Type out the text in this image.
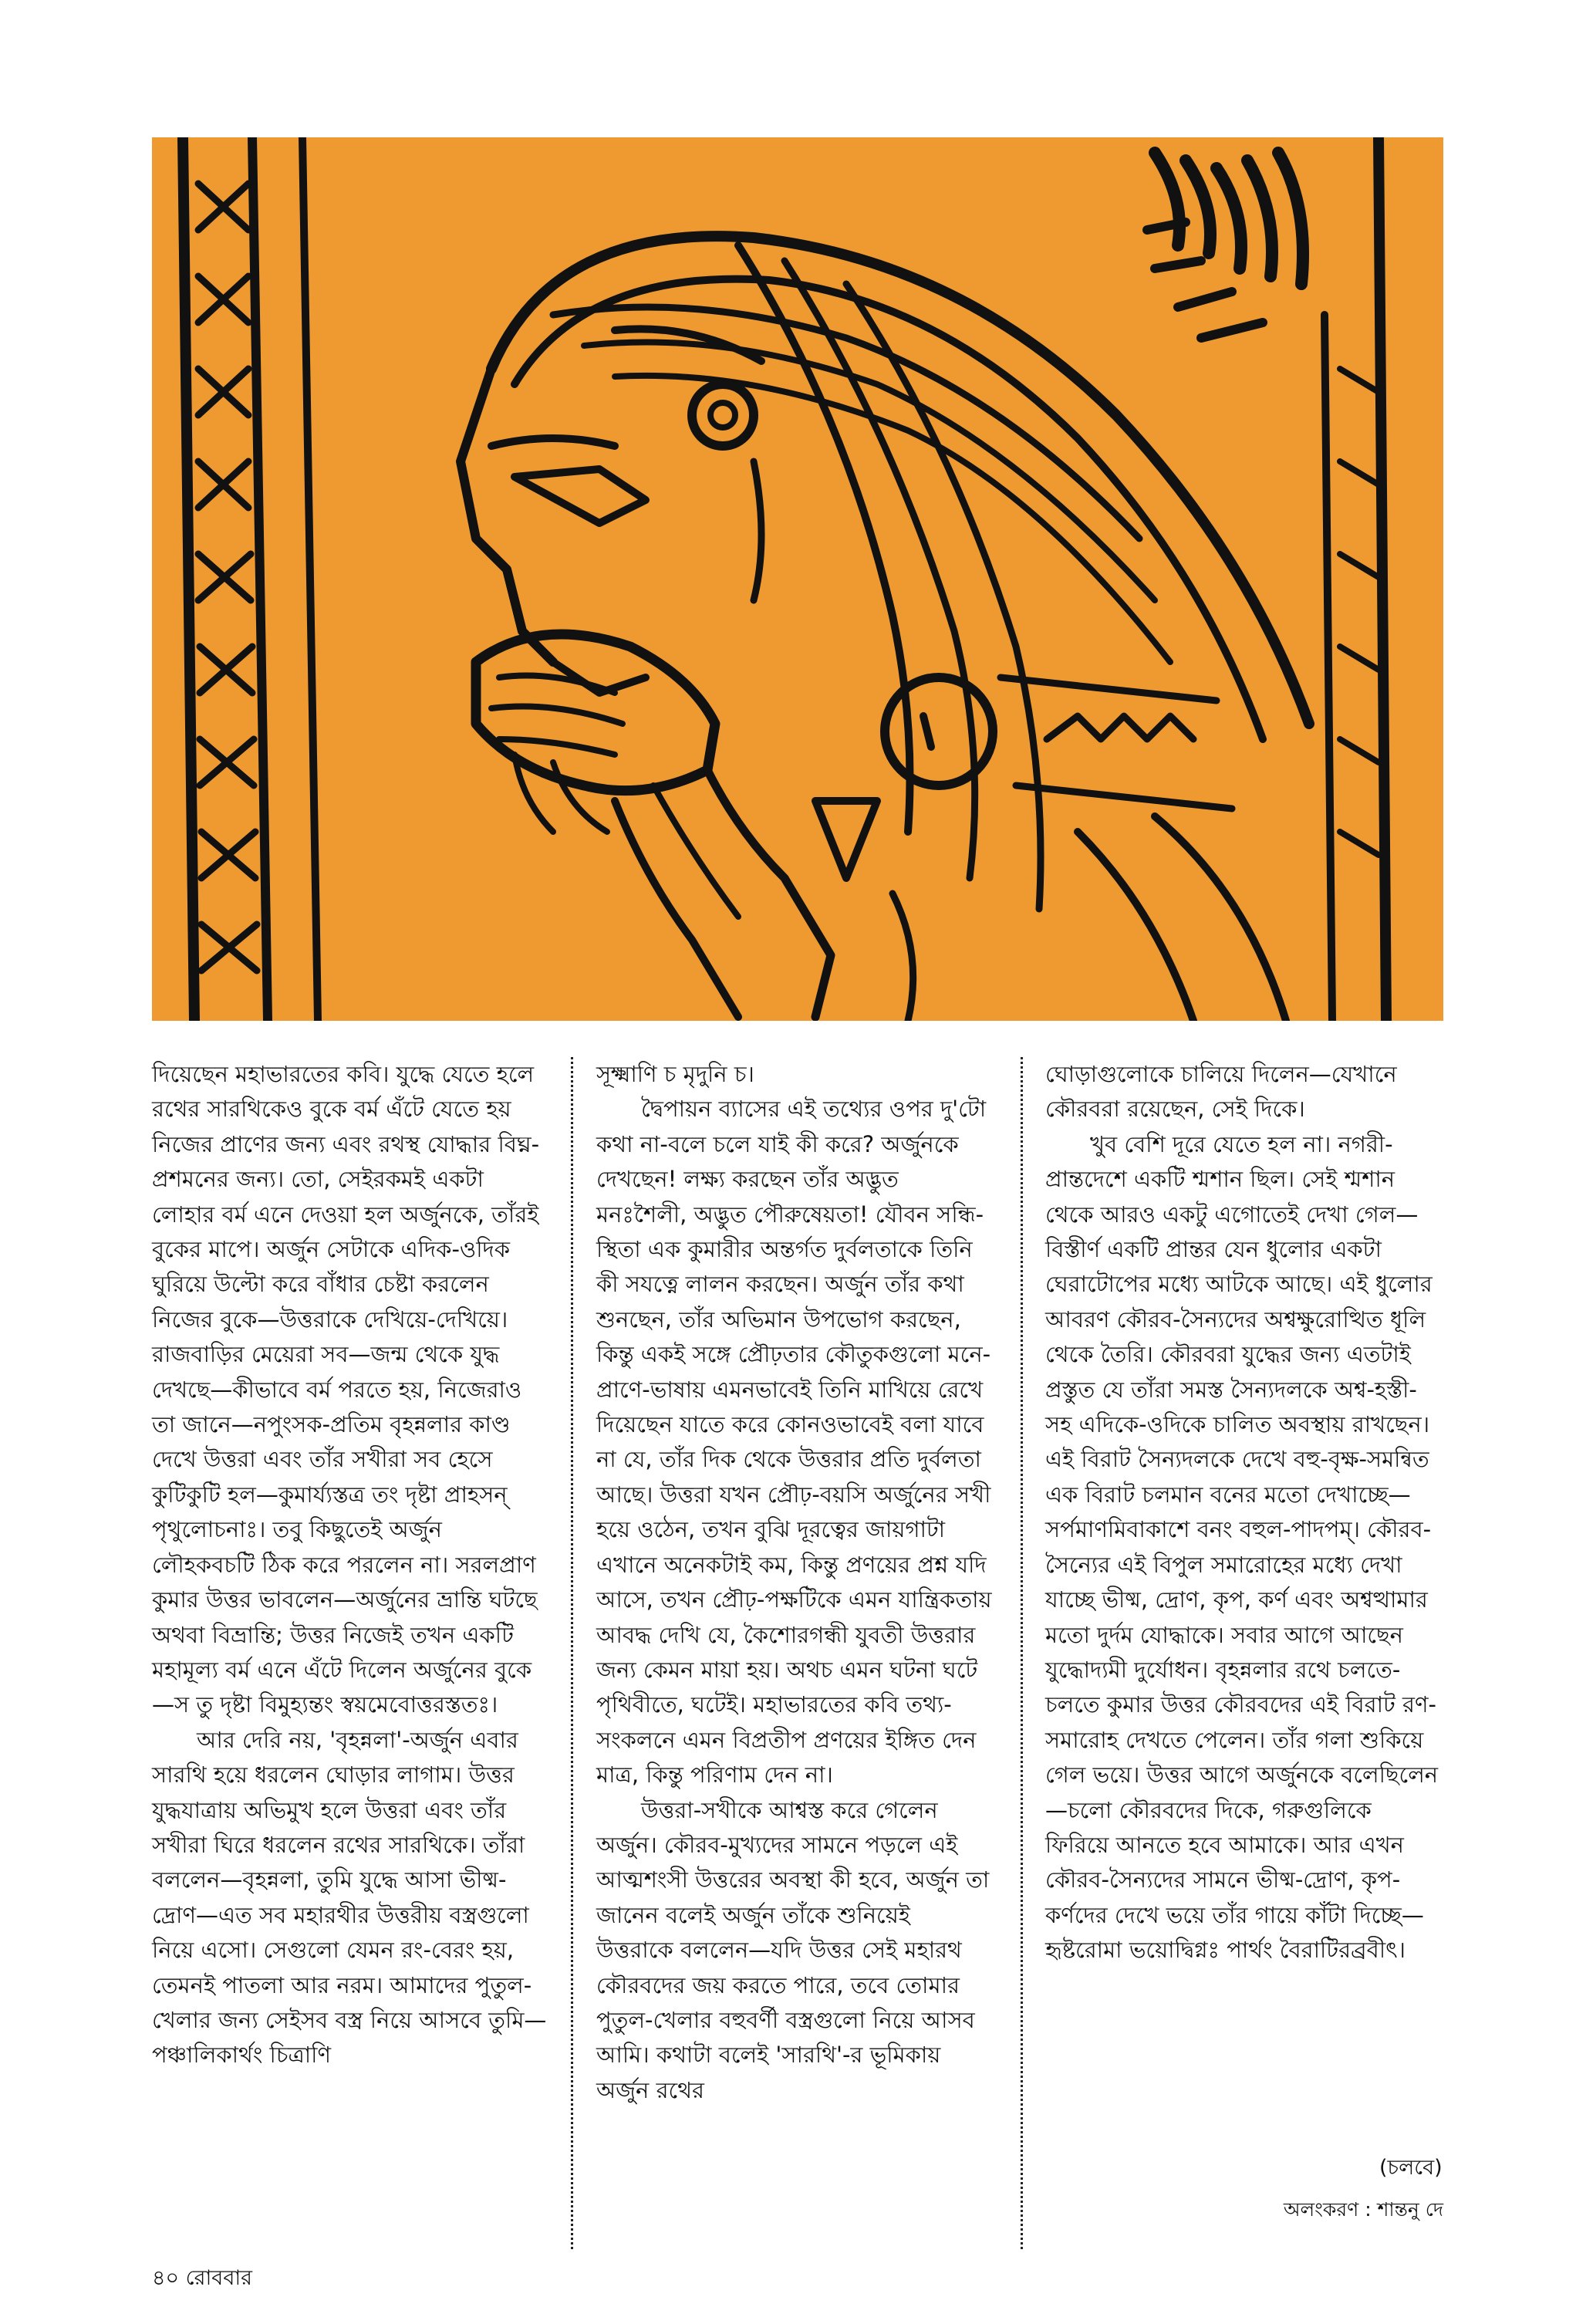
দিয়েছেন মহাভারতের কবি। যুদ্ধে যেতে হলে রথের সারথিকেও বুকে বর্ম এঁটে যেতে হয় নিজের প্রাণের জন্য এবং রথস্থ যোদ্ধার বিঘ্ন-প্রশমনের জন্য। তো, সেইরকমই একটা লোহার বর্ম এনে দেওয়া হল অর্জুনকে, তাঁরই বুকের মাপে। অর্জুন সেটাকে এদিক-ওদিক ঘুরিয়ে উল্টো করে বাঁধার চেষ্টা করলেন নিজের বুকে—উত্তরাকে দেখিয়ে-দেখিয়ে। রাজবাড়ির মেয়েরা সব—জন্ম থেকে যুদ্ধ দেখছে—কীভাবে বর্ম পরতে হয়, নিজেরাও তা জানে—নপুংসক-প্রতিম বৃহন্নলার কাণ্ড দেখে উত্তরা এবং তাঁর সখীরা সব হেসে কুটিকুটি হল—কুমার্য্যস্তত্র তং দৃষ্টা প্রাহসন্ পৃথুলোচনাঃ। তবু কিছুতেই অর্জুন লৌহকবচটি ঠিক করে পরলেন না। সরলপ্রাণ কুমার উত্তর ভাবলেন—অর্জুনের ভ্রান্তি ঘটছে অথবা বিভ্রান্তি; উত্তর নিজেই তখন একটি মহামূল্য বর্ম এনে এঁটে দিলেন অর্জুনের বুকে—স তু দৃষ্টা বিমুহ্যন্তং স্বয়মেবোত্তরস্ততঃ।

আর দেরি নয়, 'বৃহন্নলা'-অর্জুন এবার সারথি হয়ে ধরলেন ঘোড়ার লাগাম। উত্তর যুদ্ধযাত্রায় অভিমুখ হলে উত্তরা এবং তাঁর সখীরা ঘিরে ধরলেন রথের সারথিকে। তাঁরা বললেন—বৃহন্নলা, তুমি যুদ্ধে আসা ভীষ্ম-দ্রোণ—এত সব মহারথীর উত্তরীয় বস্ত্রগুলো নিয়ে এসো। সেগুলো যেমন রং-বেরং হয়, তেমনই পাতলা আর নরম। আমাদের পুতুল-খেলার জন্য সেইসব বস্ত্র নিয়ে আসবে তুমি—পঞ্চালিকার্থং চিত্রাণি

সূক্ষ্মাণি চ মৃদুনি চ।

দ্বৈপায়ন ব্যাসের এই তথ্যের ওপর দু'টো কথা না-বলে চলে যাই কী করে? অর্জুনকে দেখছেন! লক্ষ্য করছেন তাঁর অদ্ভুত মনঃশৈলী, অদ্ভুত পৌরুষেয়তা! যৌবন সন্ধি-স্থিতা এক কুমারীর অন্তর্গত দুর্বলতাকে তিনি কী সযত্নে লালন করছেন। অর্জুন তাঁর কথা শুনছেন, তাঁর অভিমান উপভোগ করছেন, কিন্তু একই সঙ্গে প্রৌঢ়তার কৌতুকগুলো মনে-প্রাণে-ভাষায় এমনভাবেই তিনি মাখিয়ে রেখে দিয়েছেন যাতে করে কোনওভাবেই বলা যাবে না যে, তাঁর দিক থেকে উত্তরার প্রতি দুর্বলতা আছে। উত্তরা যখন প্রৌঢ়-বয়সি অর্জুনের সখী হয়ে ওঠেন, তখন বুঝি দূরত্বের জায়গাটা এখানে অনেকটাই কম, কিন্তু প্রণয়ের প্রশ্ন যদি আসে, তখন প্রৌঢ়-পক্ষটিকে এমন যান্ত্রিকতায় আবদ্ধ দেখি যে, কৈশোরগন্ধী যুবতী উত্তরার জন্য কেমন মায়া হয়। অথচ এমন ঘটনা ঘটে পৃথিবীতে, ঘটেই। মহাভারতের কবি তথ্য-সংকলনে এমন বিপ্রতীপ প্রণয়ের ইঙ্গিত দেন মাত্র, কিন্তু পরিণাম দেন না।

উত্তরা-সখীকে আশ্বস্ত করে গেলেন অর্জুন। কৌরব-মুখ্যদের সামনে পড়লে এই আত্মশংসী উত্তরের অবস্থা কী হবে, অর্জুন তা জানেন বলেই অর্জুন তাঁকে শুনিয়েই উত্তরাকে বললেন—যদি উত্তর সেই মহারথ কৌরবদের জয় করতে পারে, তবে তোমার পুতুল-খেলার বহুবর্ণী বস্ত্রগুলো নিয়ে আসব আমি। কথাটা বলেই 'সারথি'-র ভূমিকায় অর্জুন রথের

ঘোড়াগুলোকে চালিয়ে দিলেন—যেখানে কৌরবরা রয়েছেন, সেই দিকে।

খুব বেশি দূরে যেতে হল না। নগরী-প্রান্তদেশে একটি শ্মশান ছিল। সেই শ্মশান থেকে আরও একটু এগোতেই দেখা গেল—বিস্তীর্ণ একটি প্রান্তর যেন ধুলোর একটা ঘেরাটোপের মধ্যে আটকে আছে। এই ধুলোর আবরণ কৌরব-সৈন্যদের অশ্বক্ষুরোত্থিত ধূলি থেকে তৈরি। কৌরবরা যুদ্ধের জন্য এতটাই প্রস্তুত যে তাঁরা সমস্ত সৈন্যদলকে অশ্ব-হস্তী-সহ এদিকে-ওদিকে চালিত অবস্থায় রাখছেন। এই বিরাট সৈন্যদলকে দেখে বহু-বৃক্ষ-সমন্বিত এক বিরাট চলমান বনের মতো দেখাচ্ছে—সর্পমাণমিবাকাশে বনং বহুল-পাদপম্। কৌরব-সৈন্যের এই বিপুল সমারোহের মধ্যে দেখা যাচ্ছে ভীষ্ম, দ্রোণ, কৃপ, কর্ণ এবং অশ্বত্থামার মতো দুর্দম যোদ্ধাকে। সবার আগে আছেন যুদ্ধোদ্যমী দুর্যোধন। বৃহন্নলার রথে চলতে-চলতে কুমার উত্তর কৌরবদের এই বিরাট রণ-সমারোহ দেখতে পেলেন। তাঁর গলা শুকিয়ে গেল ভয়ে। উত্তর আগে অর্জুনকে বলেছিলেন—চলো কৌরবদের দিকে, গরুগুলিকে ফিরিয়ে আনতে হবে আমাকে। আর এখন কৌরব-সৈন্যদের সামনে ভীষ্ম-দ্রোণ, কৃপ-কর্ণদের দেখে ভয়ে তাঁর গায়ে কাঁটা দিচ্ছে—হৃষ্টরোমা ভয়োদ্বিগ্নঃ পার্থং বৈরাটিরব্রবীৎ।

(চলবে)
অলংকরণ : শান্তনু দে
৪০ রোববার
